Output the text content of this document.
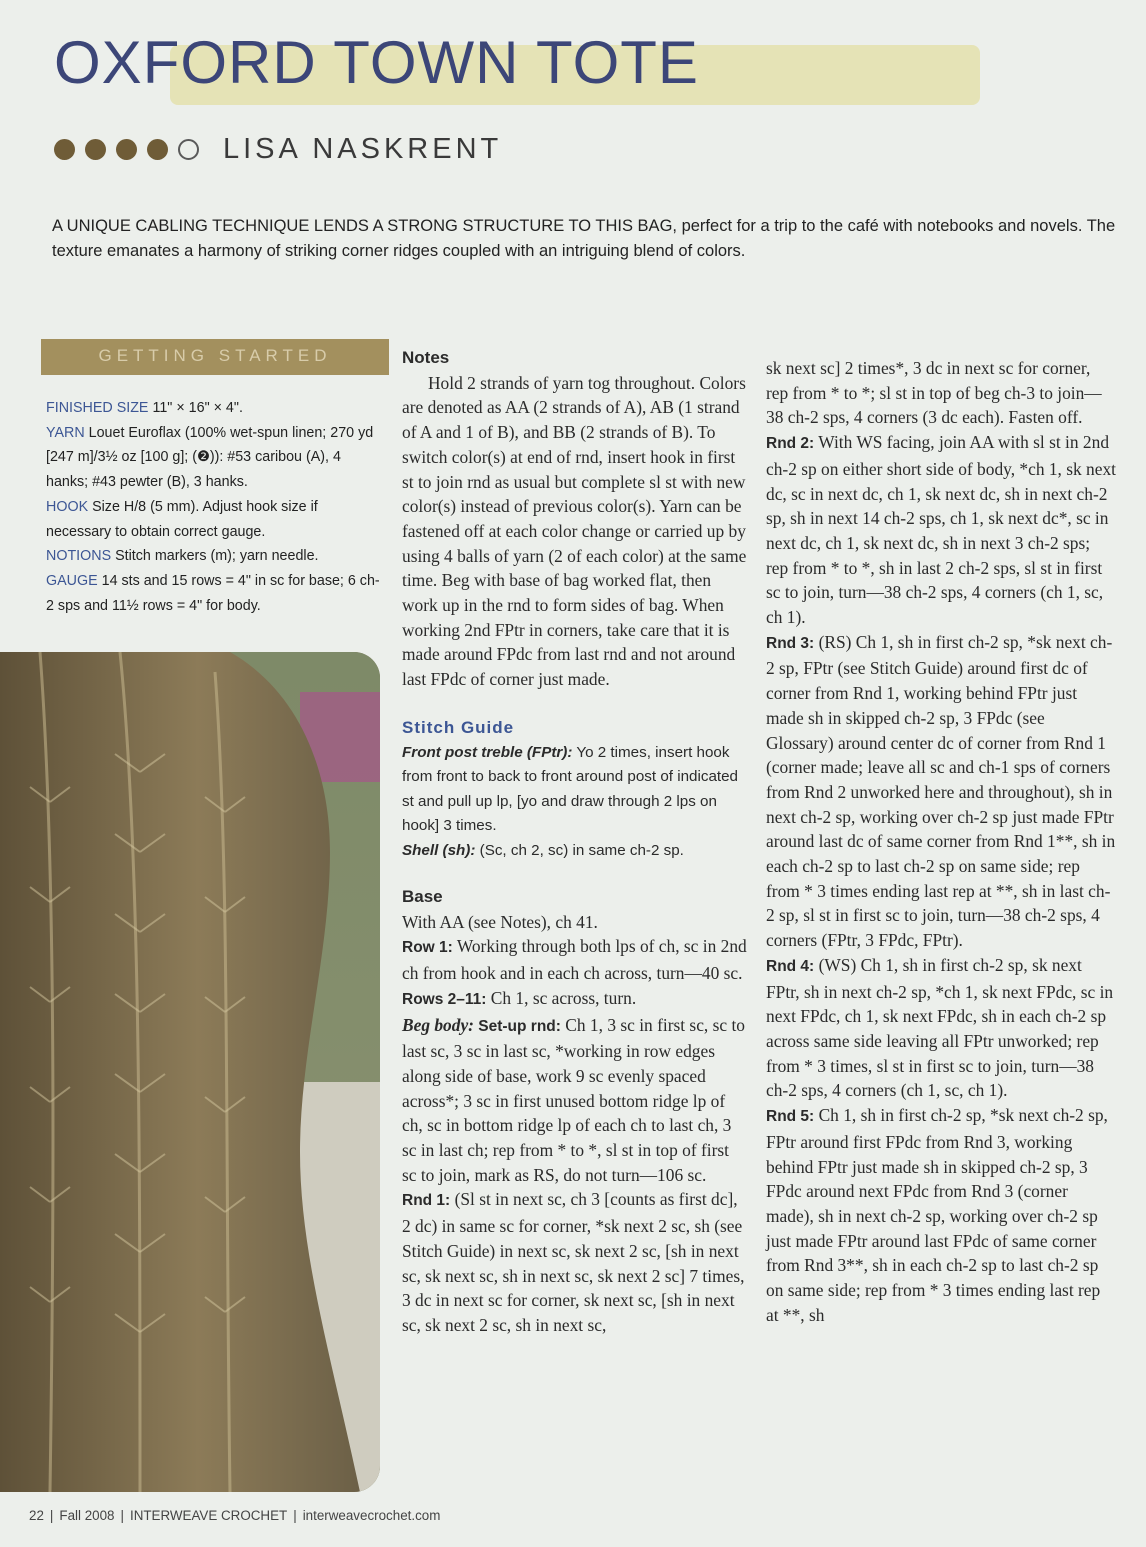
OXFORD TOWN TOTE
LISA NASKRENT
A UNIQUE CABLING TECHNIQUE LENDS A STRONG STRUCTURE TO THIS BAG, perfect for a trip to the café with notebooks and novels. The texture emanates a harmony of striking corner ridges coupled with an intriguing blend of colors.
GETTING STARTED
FINISHED SIZE 11" × 16" × 4".
YARN Louet Euroflax (100% wet-spun linen; 270 yd [247 m]/3½ oz [100 g]; (❷)): #53 caribou (A), 4 hanks; #43 pewter (B), 3 hanks.
HOOK Size H/8 (5 mm). Adjust hook size if necessary to obtain correct gauge.
NOTIONS Stitch markers (m); yarn needle.
GAUGE 14 sts and 15 rows = 4" in sc for base; 6 ch-2 sps and 11½ rows = 4" for body.

Notes

Hold 2 strands of yarn tog throughout. Colors are denoted as AA (2 strands of A), AB (1 strand of A and 1 of B), and BB (2 strands of B). To switch color(s) at end of rnd, insert hook in first st to join rnd as usual but complete sl st with new color(s) instead of previous color(s). Yarn can be fastened off at each color change or carried up by using 4 balls of yarn (2 of each color) at the same time. Beg with base of bag worked flat, then work up in the rnd to form sides of bag. When working 2nd FPtr in corners, take care that it is made around FPdc from last rnd and not around last FPdc of corner just made.

Stitch Guide

Front post treble (FPtr): Yo 2 times, insert hook from front to back to front around post of indicated st and pull up lp, [yo and draw through 2 lps on hook] 3 times.

Shell (sh): (Sc, ch 2, sc) in same ch-2 sp.

Base

With AA (see Notes), ch 41.

Row 1: Working through both lps of ch, sc in 2nd ch from hook and in each ch across, turn—40 sc.

Rows 2–11: Ch 1, sc across, turn.

Beg body: Set-up rnd: Ch 1, 3 sc in first sc, sc to last sc, 3 sc in last sc, *working in row edges along side of base, work 9 sc evenly spaced across*; 3 sc in first unused bottom ridge lp of ch, sc in bottom ridge lp of each ch to last ch, 3 sc in last ch; rep from * to *, sl st in top of first sc to join, mark as RS, do not turn—106 sc.

Rnd 1: (Sl st in next sc, ch 3 [counts as first dc], 2 dc) in same sc for corner, *sk next 2 sc, sh (see Stitch Guide) in next sc, sk next 2 sc, [sh in next sc, sk next sc, sh in next sc, sk next 2 sc] 7 times, 3 dc in next sc for corner, sk next sc, [sh in next sc, sk next 2 sc, sh in next sc,

sk next sc] 2 times*, 3 dc in next sc for corner, rep from * to *; sl st in top of beg ch-3 to join—38 ch-2 sps, 4 corners (3 dc each). Fasten off.

Rnd 2: With WS facing, join AA with sl st in 2nd ch-2 sp on either short side of body, *ch 1, sk next dc, sc in next dc, ch 1, sk next dc, sh in next ch-2 sp, sh in next 14 ch-2 sps, ch 1, sk next dc*, sc in next dc, ch 1, sk next dc, sh in next 3 ch-2 sps; rep from * to *, sh in last 2 ch-2 sps, sl st in first sc to join, turn—38 ch-2 sps, 4 corners (ch 1, sc, ch 1).

Rnd 3: (RS) Ch 1, sh in first ch-2 sp, *sk next ch-2 sp, FPtr (see Stitch Guide) around first dc of corner from Rnd 1, working behind FPtr just made sh in skipped ch-2 sp, 3 FPdc (see Glossary) around center dc of corner from Rnd 1 (corner made; leave all sc and ch-1 sps of corners from Rnd 2 unworked here and throughout), sh in next ch-2 sp, working over ch-2 sp just made FPtr around last dc of same corner from Rnd 1**, sh in each ch-2 sp to last ch-2 sp on same side; rep from * 3 times ending last rep at **, sh in last ch-2 sp, sl st in first sc to join, turn—38 ch-2 sps, 4 corners (FPtr, 3 FPdc, FPtr).

Rnd 4: (WS) Ch 1, sh in first ch-2 sp, sk next FPtr, sh in next ch-2 sp, *ch 1, sk next FPdc, sc in next FPdc, ch 1, sk next FPdc, sh in each ch-2 sp across same side leaving all FPtr unworked; rep from * 3 times, sl st in first sc to join, turn—38 ch-2 sps, 4 corners (ch 1, sc, ch 1).

Rnd 5: Ch 1, sh in first ch-2 sp, *sk next ch-2 sp, FPtr around first FPdc from Rnd 3, working behind FPtr just made sh in skipped ch-2 sp, 3 FPdc around next FPdc from Rnd 3 (corner made), sh in next ch-2 sp, working over ch-2 sp just made FPtr around last FPdc of same corner from Rnd 3**, sh in each ch-2 sp to last ch-2 sp on same side; rep from * 3 times ending last rep at **, sh

22 | Fall 2008 | INTERWEAVE CROCHET | interweavecrochet.com
